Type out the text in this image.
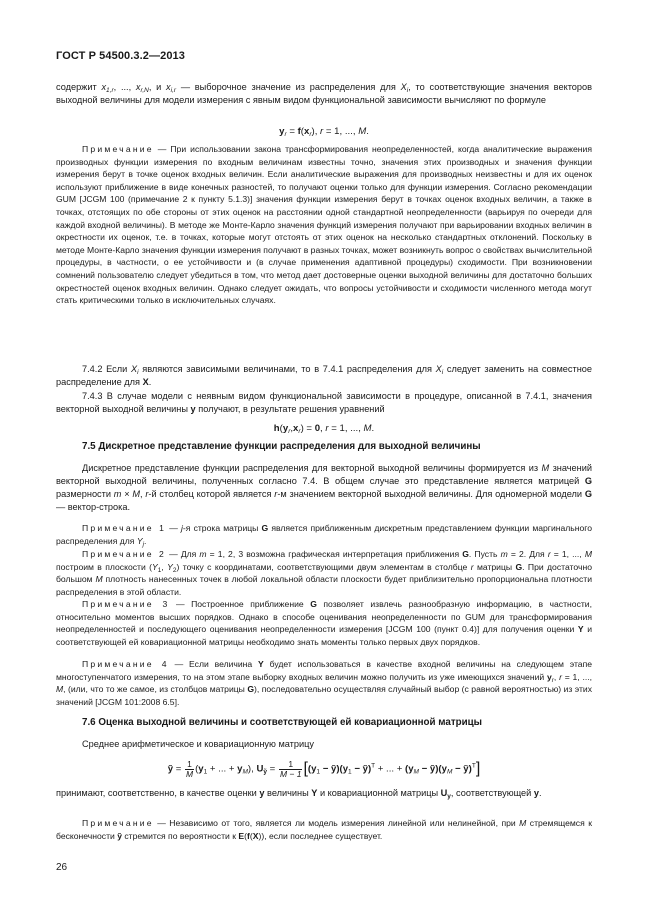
ГОСТ Р 54500.3.2—2013
содержит $x_{1,r}$, ..., $x_{r,N}$, и $x_{i,r}$ — выборочное значение из распределения для $X_i$, то соответствующие значения векторов выходной величины для модели измерения с явным видом функциональной зависимости вычисляют по формуле
$y_r = f(x_r)$, r = 1, ..., M.
Примечание — При использовании закона трансформирования неопределенностей, когда аналитические выражения производных функции измерения по входным величинам известны точно, значения этих производных и значения функции измерения берут в точке оценок входных величин. Если аналитические выражения для производных неизвестны и для их оценок используют приближение в виде конечных разностей, то получают оценки только для функции измерения. Согласно рекомендации GUM [JCGM 100 (примечание 2 к пункту 5.1.3)] значения функции измерения берут в точках оценок входных величин, а также в точках, отстоящих по обе стороны от этих оценок на расстоянии одной стандартной неопределенности (варьируя по очереди для каждой входной величины). В методе же Монте-Карло значения функций измерения получают при варьировании входных величин в окрестности их оценок, т.е. в точках, которые могут отстоять от этих оценок на несколько стандартных отклонений. Поскольку в методе Монте-Карло значения функции измерения получают в разных точках, может возникнуть вопрос о свойствах вычислительной процедуры, в частности, о ее устойчивости и (в случае применения адаптивной процедуры) сходимости. При возникновении сомнений пользователю следует убедиться в том, что метод дает достоверные оценки выходной величины для достаточно больших окрестностей оценок входных величин. Однако следует ожидать, что вопросы устойчивости и сходимости численного метода могут стать критическими только в исключительных случаях.
7.4.2 Если $X_i$ являются зависимыми величинами, то в 7.4.1 распределения для $X_i$ следует заменить на совместное распределение для X.
7.4.3 В случае модели с неявным видом функциональной зависимости в процедуре, описанной в 7.4.1, значения векторной выходной величины y получают, в результате решения уравнений
$h(y_r,x_r) = 0$, r = 1, ..., M.
7.5 Дискретное представление функции распределения для выходной величины
Дискретное представление функции распределения для векторной выходной величины формируется из M значений векторной выходной величины, полученных согласно 7.4. В общем случае это представление является матрицей G размерности m × M, r-й столбец которой является r-м значением векторной выходной величины. Для одномерной модели G — вектор-строка.
Примечание 1 — j-я строка матрицы G является приближенным дискретным представлением функции маргинального распределения для $Y_j$.
Примечание 2 — Для m = 1, 2, 3 возможна графическая интерпретация приближения G. Пусть m = 2. Для r = 1, ..., M построим в плоскости ($Y_1$, $Y_2$) точку с координатами, соответствующими двум элементам в столбце r матрицы G. При достаточно большом M плотность нанесенных точек в любой локальной области плоскости будет приблизительно пропорциональна плотности распределения в этой области.
Примечание 3 — Построенное приближение G позволяет извлечь разнообразную информацию, в частности, относительно моментов высших порядков. Однако в способе оценивания неопределенности по GUM для трансформирования неопределенностей и последующего оценивания неопределенности измерения [JCGM 100 (пункт 0.4)] для получения оценки Y и соответствующей ей ковариационной матрицы необходимо знать моменты только первых двух порядков.
Примечание 4 — Если величина Y будет использоваться в качестве входной величины на следующем этапе многоступенчатого измерения, то на этом этапе выборку входных величин можно получить из уже имеющихся значений $y_r$, r = 1, ..., M, (или, что то же самое, из столбцов матрицы G), последовательно осуществляя случайный выбор (с равной вероятностью) из этих значений [JCGM 101:2008 6.5].
7.6 Оценка выходной величины и соответствующей ей ковариационной матрицы
Среднее арифметическое и ковариационную матрицу
y͂ = $\frac{1}{M} (y_1$ + ... + $y_M$), $U_{y͂} = \frac{1}{M - 1} [(y_1$ − $y͂)(y_1$ − y͂)$^T$ + ... + ($y_M$ − $y͂)(y_M$ − y͂)$^T$]
принимают, соответственно, в качестве оценки y величины Y и ковариационной матрицы $U_y$, соответствующей y.
Примечание — Независимо от того, является ли модель измерения линейной или нелинейной, при M стремящемся к бесконечности y͂ стремится по вероятности к E(f(X)), если последнее существует.
26
